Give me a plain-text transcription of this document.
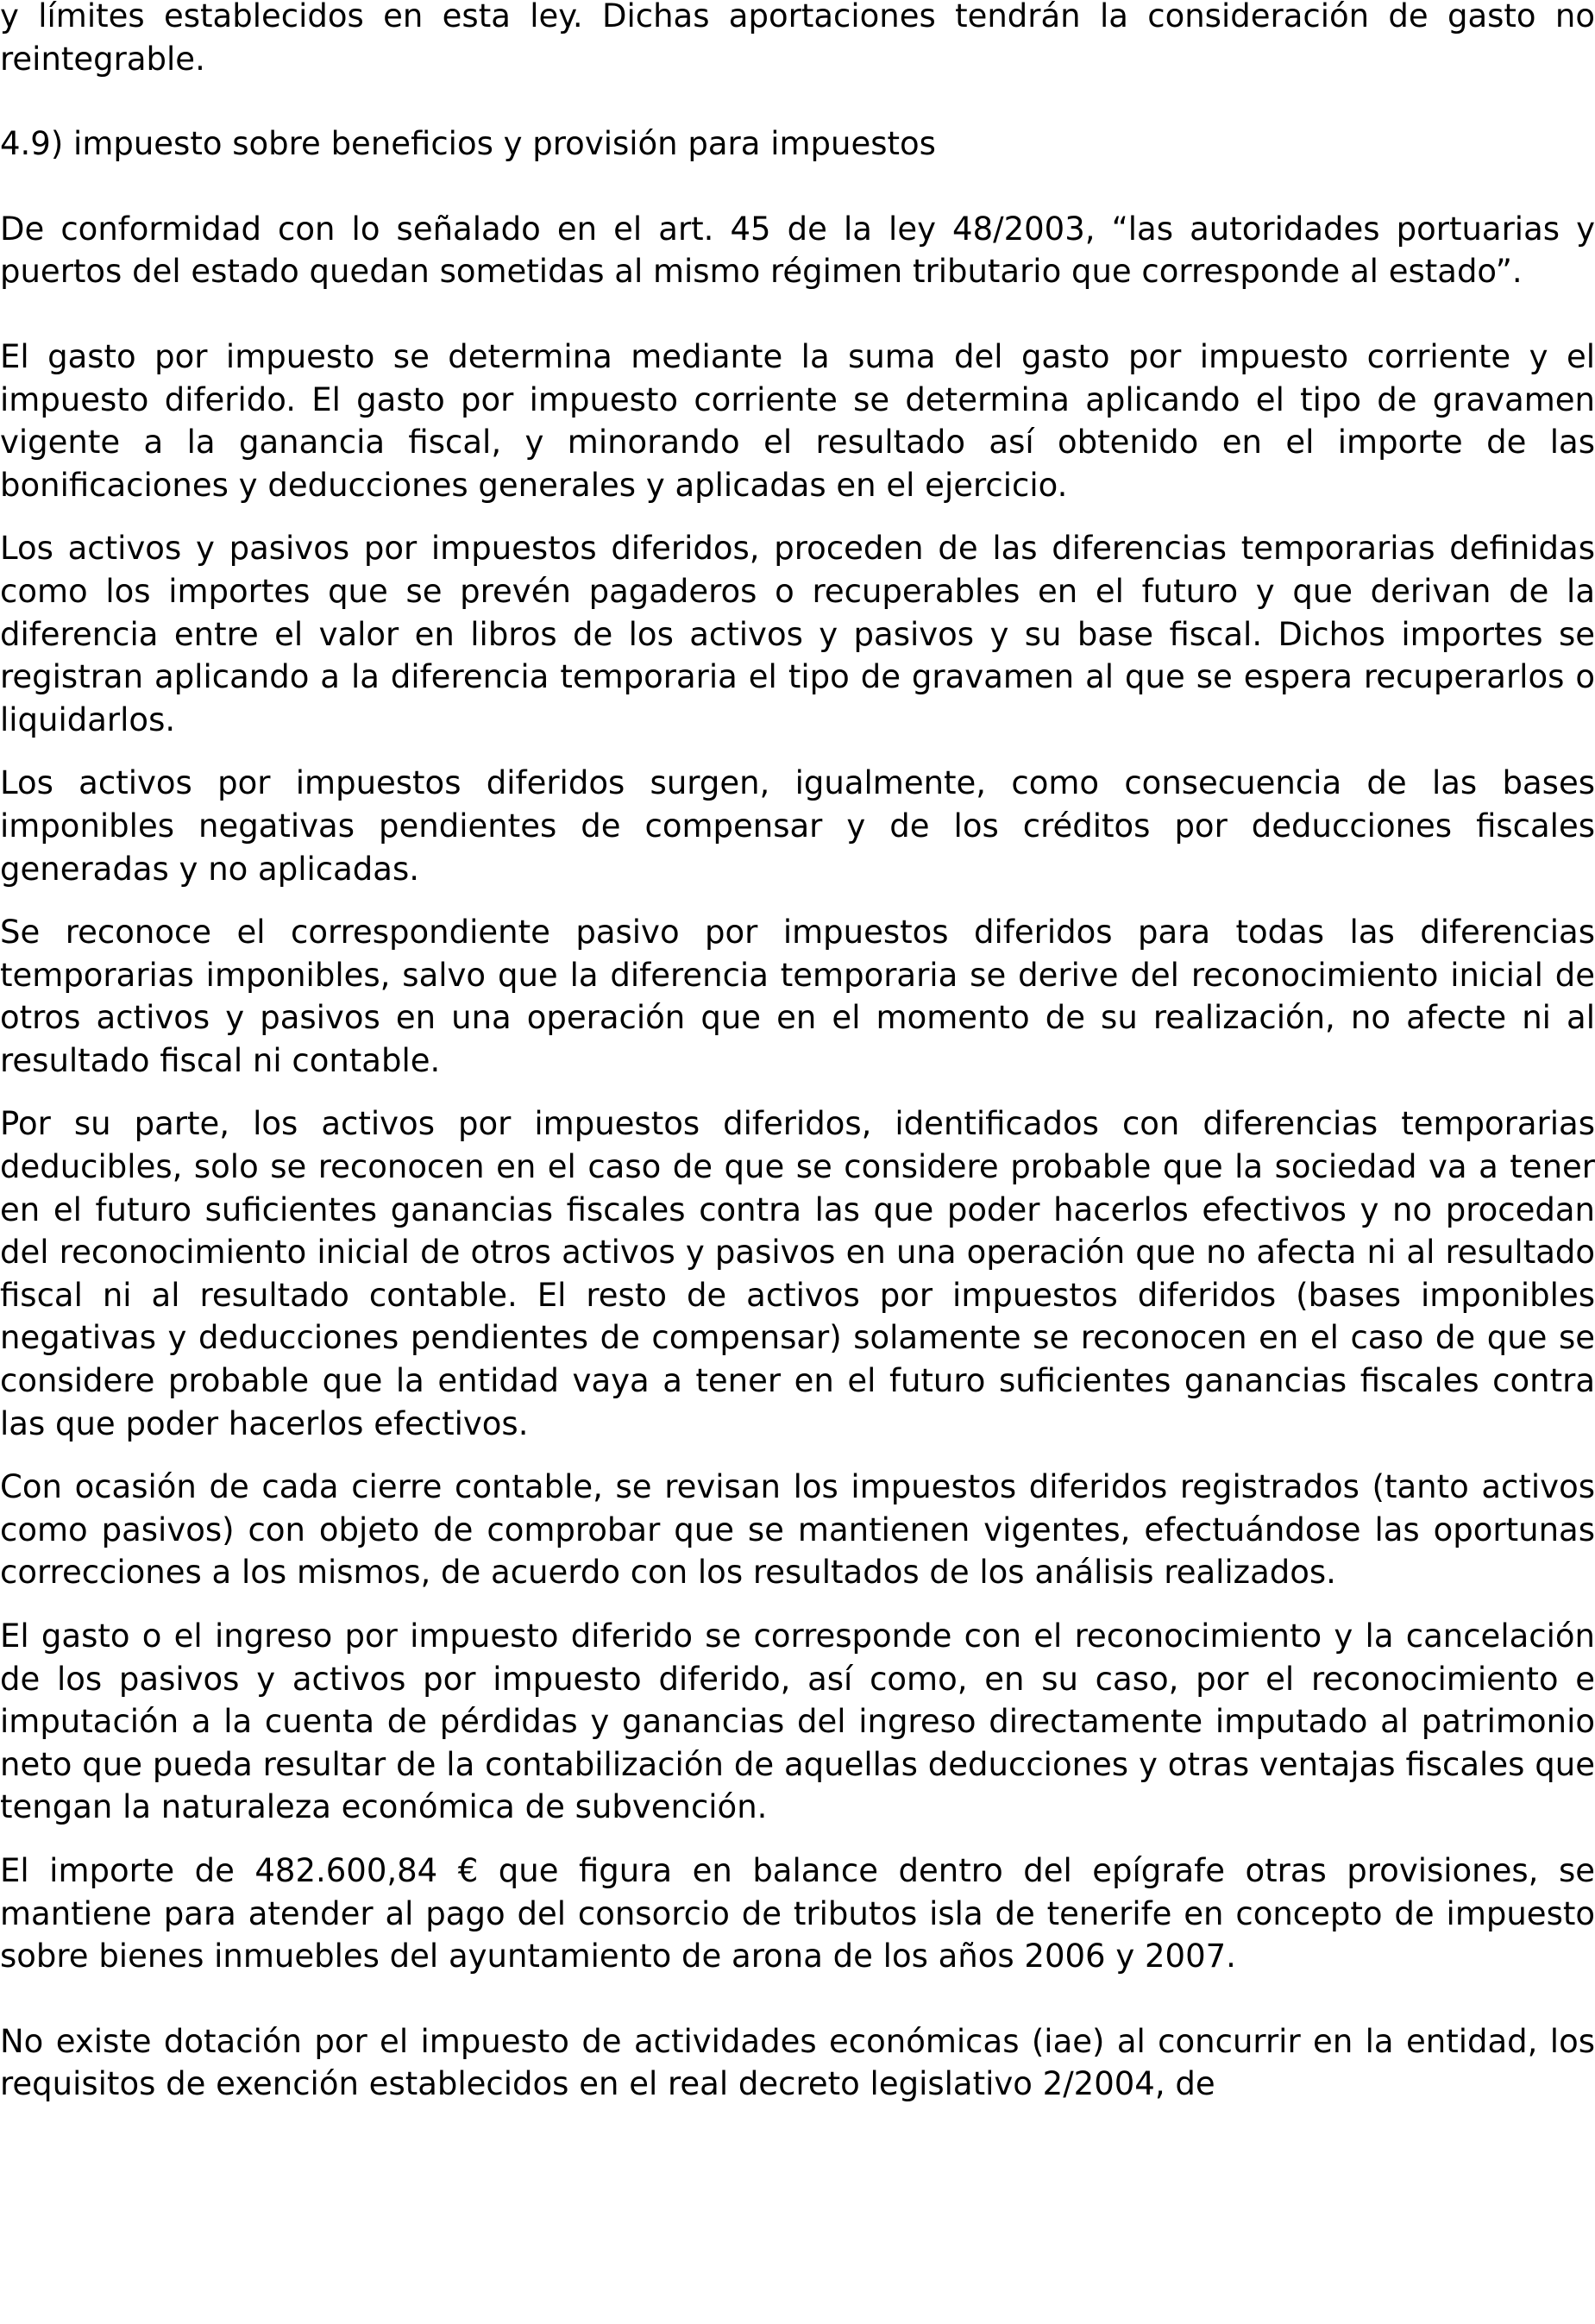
y límites establecidos en esta ley. Dichas aportaciones tendrán la consideración de gasto no reintegrable.

4.9) impuesto sobre beneficios y provisión para impuestos

De conformidad con lo señalado en el art. 45 de la ley 48/2003, “las autoridades portuarias y puertos del estado quedan sometidas al mismo régimen tributario que corresponde al estado”.

El gasto por impuesto se determina mediante la suma del gasto por impuesto corriente y el impuesto diferido. El gasto por impuesto corriente se determina aplicando el tipo de gravamen vigente a la ganancia fiscal, y minorando el resultado así obtenido en el importe de las bonificaciones y deducciones generales y aplicadas en el ejercicio.

Los activos y pasivos por impuestos diferidos, proceden de las diferencias temporarias definidas como los importes que se prevén pagaderos o recuperables en el futuro y que derivan de la diferencia entre el valor en libros de los activos y pasivos y su base fiscal. Dichos importes se registran aplicando a la diferencia temporaria el tipo de gravamen al que se espera recuperarlos o liquidarlos.

Los activos por impuestos diferidos surgen, igualmente, como consecuencia de las bases imponibles negativas pendientes de compensar y de los créditos por deducciones fiscales generadas y no aplicadas.

Se reconoce el correspondiente pasivo por impuestos diferidos para todas las diferencias temporarias imponibles, salvo que la diferencia temporaria se derive del reconocimiento inicial de otros activos y pasivos en una operación que en el momento de su realización, no afecte ni al resultado fiscal ni contable.

Por su parte, los activos por impuestos diferidos, identificados con diferencias temporarias deducibles, solo se reconocen en el caso de que se considere probable que la sociedad va a tener en el futuro suficientes ganancias fiscales contra las que poder hacerlos efectivos y no procedan del reconocimiento inicial de otros activos y pasivos en una operación que no afecta ni al resultado fiscal ni al resultado contable. El resto de activos por impuestos diferidos (bases imponibles negativas y deducciones pendientes de compensar) solamente se reconocen en el caso de que se considere probable que la entidad vaya a tener en el futuro suficientes ganancias fiscales contra las que poder hacerlos efectivos.

Con ocasión de cada cierre contable, se revisan los impuestos diferidos registrados (tanto activos como pasivos) con objeto de comprobar que se mantienen vigentes, efectuándose las oportunas correcciones a los mismos, de acuerdo con los resultados de los análisis realizados.

El gasto o el ingreso por impuesto diferido se corresponde con el reconocimiento y la cancelación de los pasivos y activos por impuesto diferido, así como, en su caso, por el reconocimiento e imputación a la cuenta de pérdidas y ganancias del ingreso directamente imputado al patrimonio neto que pueda resultar de la contabilización de aquellas deducciones y otras ventajas fiscales que tengan la naturaleza económica de subvención.

El importe de 482.600,84 € que figura en balance dentro del epígrafe otras provisiones, se mantiene para atender al pago del consorcio de tributos isla de tenerife en concepto de impuesto sobre bienes inmuebles del ayuntamiento de arona de los años 2006 y 2007.

No existe dotación por el impuesto de actividades económicas (iae) al concurrir en la entidad, los requisitos de exención establecidos en el real decreto legislativo 2/2004, de
